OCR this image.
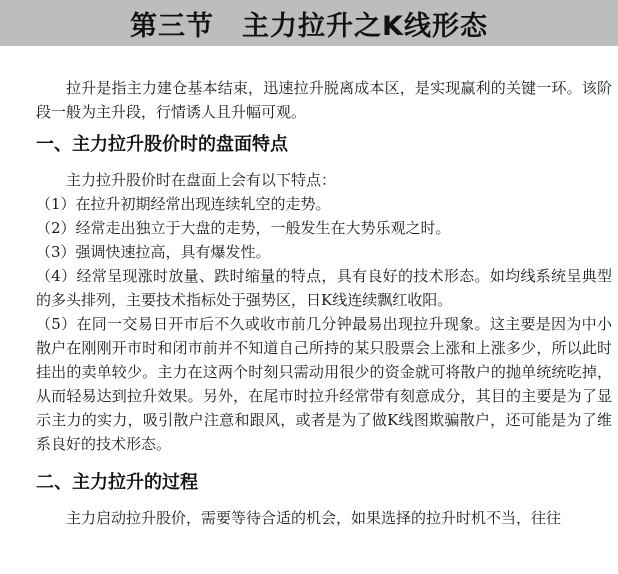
第三节　主力拉升之K线形态

拉升是指主力建仓基本结束，迅速拉升脱离成本区，是实现赢利的关键一环。该阶段一般为主升段，行情诱人且升幅可观。

一、主力拉升股价时的盘面特点

主力拉升股价时在盘面上会有以下特点：

（1）在拉升初期经常出现连续轧空的走势。

（2）经常走出独立于大盘的走势，一般发生在大势乐观之时。

（3）强调快速拉高，具有爆发性。

（4）经常呈现涨时放量、跌时缩量的特点，具有良好的技术形态。如均线系统呈典型的多头排列，主要技术指标处于强势区，日K线连续飘红收阳。

（5）在同一交易日开市后不久或收市前几分钟最易出现拉升现象。这主要是因为中小散户在刚刚开市时和闭市前并不知道自己所持的某只股票会上涨和上涨多少，所以此时挂出的卖单较少。主力在这两个时刻只需动用很少的资金就可将散户的抛单统统吃掉，从而轻易达到拉升效果。另外，在尾市时拉升经常带有刻意成分，其目的主要是为了显示主力的实力，吸引散户注意和跟风，或者是为了做K线图欺骗散户，还可能是为了维系良好的技术形态。

二、主力拉升的过程

主力启动拉升股价，需要等待合适的机会，如果选择的拉升时机不当，往往
